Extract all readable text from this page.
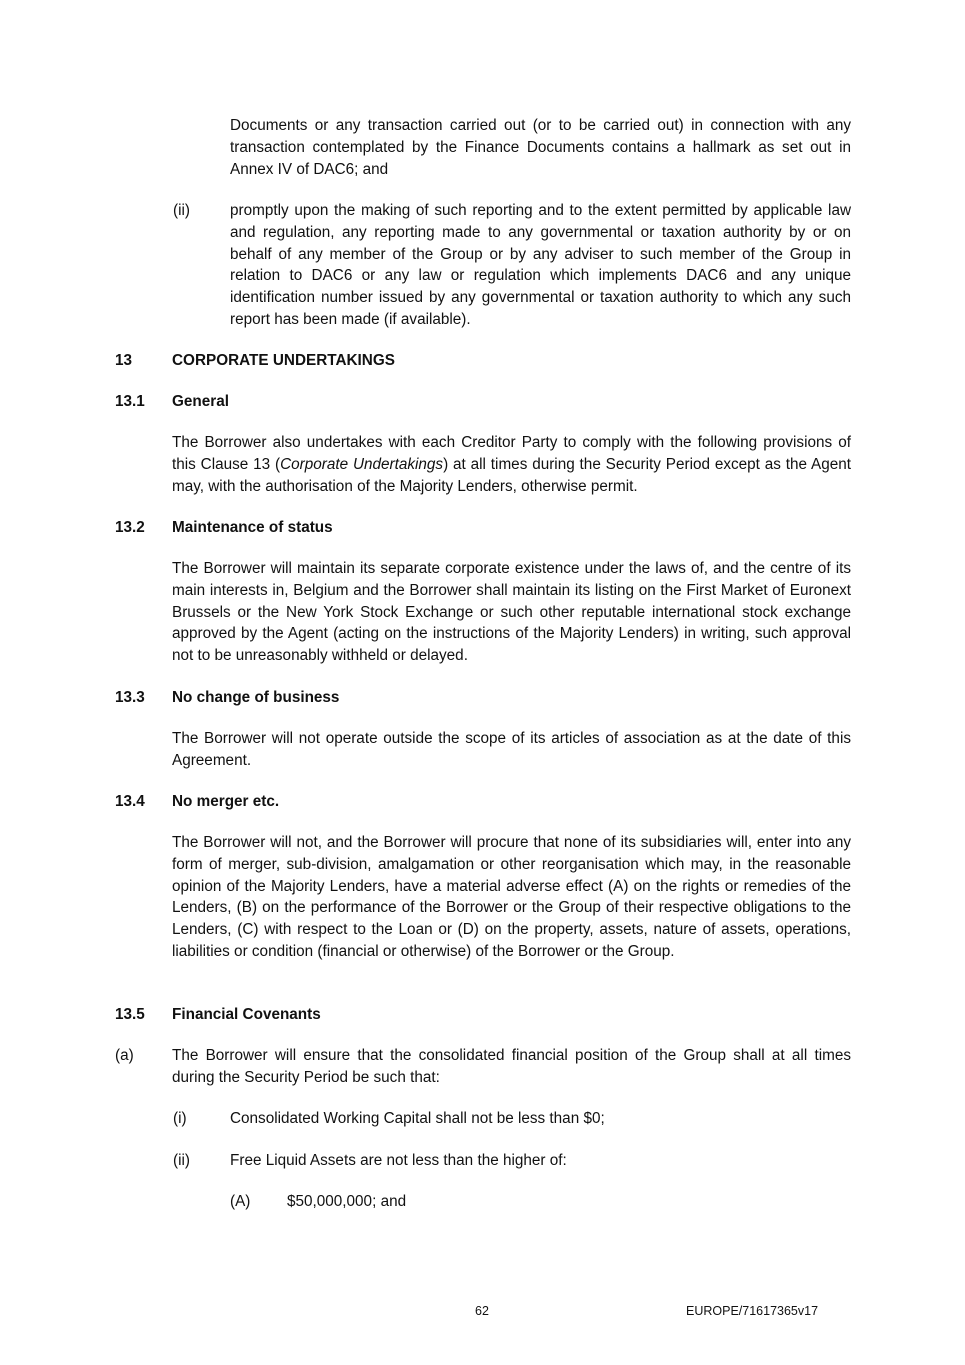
Documents or any transaction carried out (or to be carried out) in connection with any transaction contemplated by the Finance Documents contains a hallmark as set out in Annex IV of DAC6; and

(ii)	promptly upon the making of such reporting and to the extent permitted by applicable law and regulation, any reporting made to any governmental or taxation authority by or on behalf of any member of the Group or by any adviser to such member of the Group in relation to DAC6 or any law or regulation which implements DAC6 and any unique identification number issued by any governmental or taxation authority to which any such report has been made (if available).

13	CORPORATE UNDERTAKINGS
13.1 General

The Borrower also undertakes with each Creditor Party to comply with the following provisions of this Clause 13 (Corporate Undertakings) at all times during the Security Period except as the Agent may, with the authorisation of the Majority Lenders, otherwise permit.

13.2 Maintenance of status

The Borrower will maintain its separate corporate existence under the laws of, and the centre of its main interests in, Belgium and the Borrower shall maintain its listing on the First Market of Euronext Brussels or the New York Stock Exchange or such other reputable international stock exchange approved by the Agent (acting on the instructions of the Majority Lenders) in writing, such approval not to be unreasonably withheld or delayed.

13.3 No change of business

The Borrower will not operate outside the scope of its articles of association as at the date of this Agreement.

13.4 No merger etc.

The Borrower will not, and the Borrower will procure that none of its subsidiaries will, enter into any form of merger, sub-division, amalgamation or other reorganisation which may, in the reasonable opinion of the Majority Lenders, have a material adverse effect (A) on the rights or remedies of the Lenders, (B) on the performance of the Borrower or the Group of their respective obligations to the Lenders, (C) with respect to the Loan or (D) on the property, assets, nature of assets, operations, liabilities or condition (financial or otherwise) of the Borrower or the Group.

13.5 Financial Covenants
(a)	The Borrower will ensure that the consolidated financial position of the Group shall at all times during the Security Period be such that:

(i)	Consolidated Working Capital shall not be less than $0;

(ii)	Free Liquid Assets are not less than the higher of:

(A) $50,000,000; and

62	EUROPE/71617365v17
